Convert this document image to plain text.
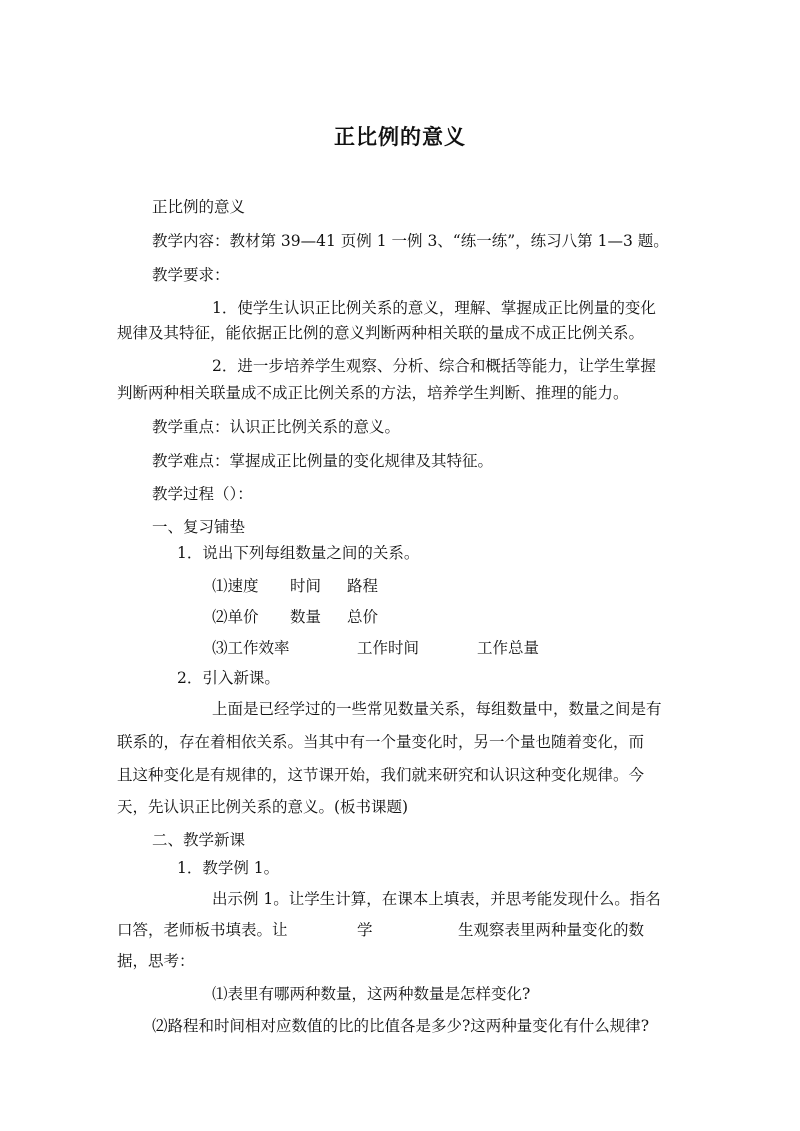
正比例的意义
正比例的意义
教学内容：教材第 39—41 页例 1 一例 3、“练一练”，练习八第 1—3 题。
教学要求：
1．使学生认识正比例关系的意义，理解、掌握成正比例量的变化
规律及其特征，能依据正比例的意义判断两种相关联的量成不成正比例关系。
2．进一步培养学生观察、分析、综合和概括等能力，让学生掌握
判断两种相关联量成不成正比例关系的方法，培养学生判断、推理的能力。
教学重点：认识正比例关系的意义。
教学难点：掌握成正比例量的变化规律及其特征。
教学过程（）：
一、复习铺垫
1．说出下列每组数量之间的关系。
⑴速度 时间 路程
⑵单价 数量 总价
⑶工作效率	工作时间	工作总量
2．引入新课。
上面是已经学过的一些常见数量关系，每组数量中，数量之间是有
联系的，存在着相依关系。当其中有一个量变化时，另一个量也随着变化，而
且这种变化是有规律的，这节课开始，我们就来研究和认识这种变化规律。今
天，先认识正比例关系的意义。(板书课题)
二、教学新课
1．教学例 1。
出示例 1。让学生计算，在课本上填表，并思考能发现什么。指名
口答，老师板书填表。让	学	生观察表里两种量变化的数
据，思考：
⑴表里有哪两种数量，这两种数量是怎样变化?
⑵路程和时间相对应数值的比的比值各是多少?这两种量变化有什么规律?
